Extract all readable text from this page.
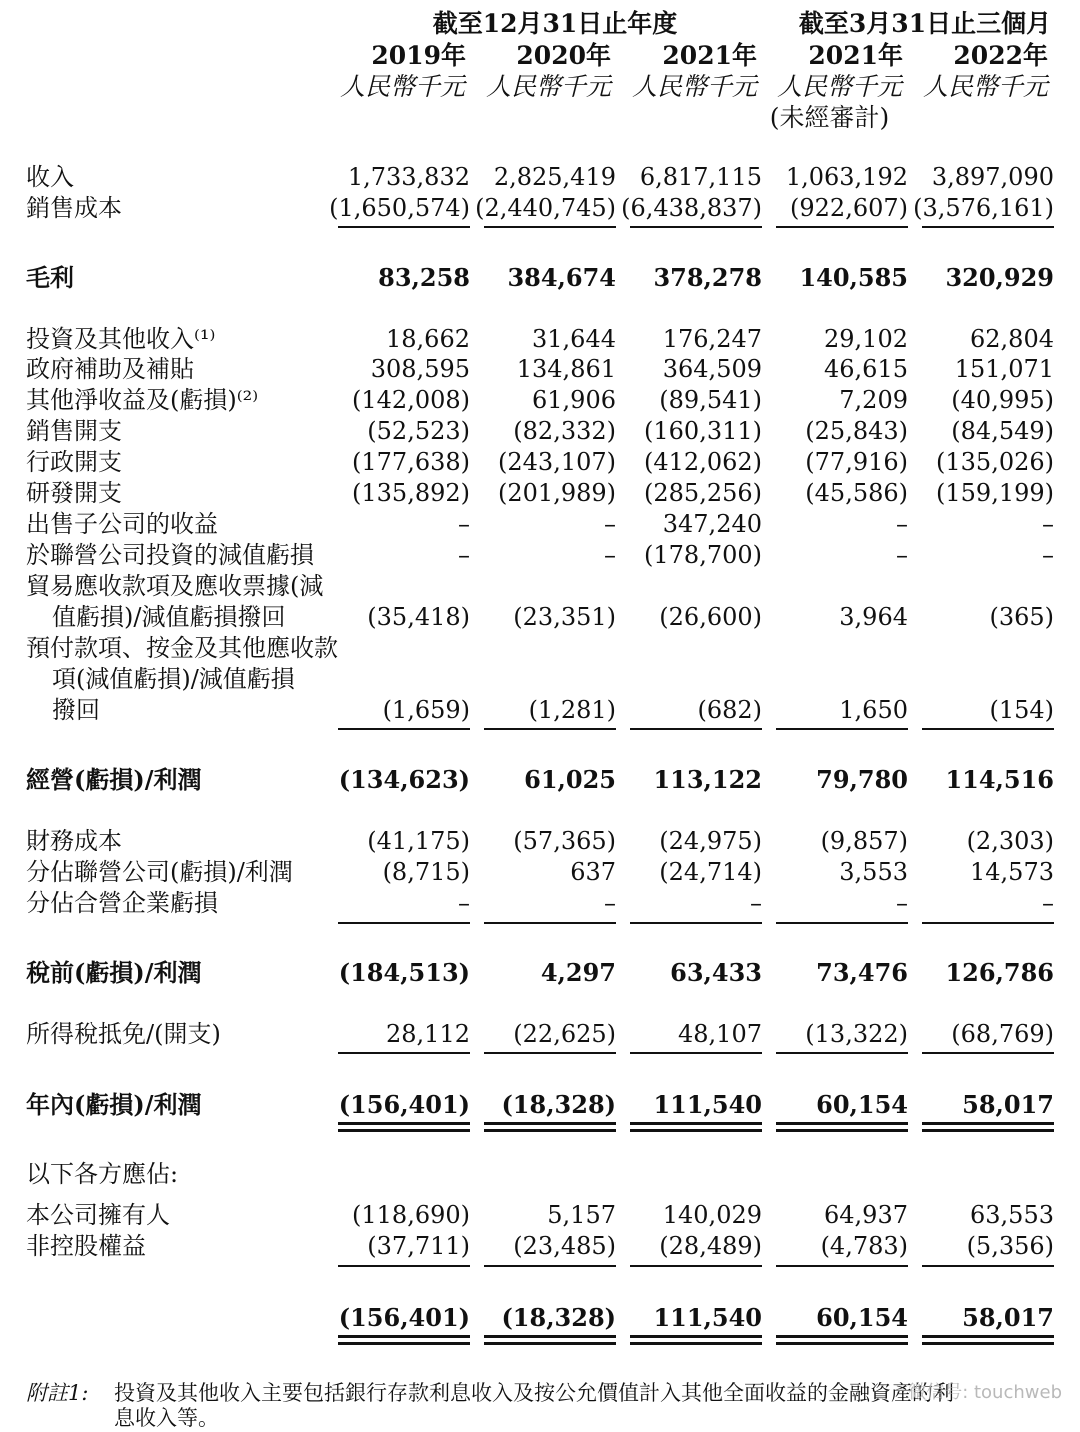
截至12月31日止年度	截至3月31日止三個月
2019年	2020年	2021年	2021年	2022年
人民幣千元 人民幣千元 人民幣千元 人民幣千元 人民幣千元
(未經審計)
收入	1,733,832 2,825,419 6,817,115 1,063,192 3,897,090
銷售成本	(1,650,574) (2,440,745) (6,438,837)	(922,607) (3,576,161)
毛利	83,258	384,674	378,278	140,585	320,929
投資及其他收入⁽¹⁾	18,662	31,644	176,247	29,102	62,804
政府補助及補貼	308,595	134,861	364,509	46,615	151,071
其他淨收益及(虧損)⁽²⁾	(142,008)	61,906	(89,541)	7,209	(40,995)
銷售開支	(52,523)	(82,332)	(160,311)	(25,843)	(84,549)
行政開支	(177,638)	(243,107)	(412,062)	(77,916)	(135,026)
研發開支	(135,892)	(201,989)	(285,256)	(45,586)	(159,199)
出售子公司的收益	–	–	347,240	–	–
於聯營公司投資的減值虧損	–	–	(178,700)	–	–
貿易應收款項及應收票據(減
值虧損)/減值虧損撥回	(35,418)	(23,351)	(26,600)	3,964	(365)
預付款項、按金及其他應收款
項(減值虧損)/減值虧損
撥回	(1,659)	(1,281)	(682)	1,650	(154)
經營(虧損)/利潤	(134,623)	61,025	113,122	79,780	114,516
財務成本	(41,175)	(57,365)	(24,975)	(9,857)	(2,303)
分佔聯營公司(虧損)/利潤	(8,715)	637	(24,714)	3,553	14,573
分佔合營企業虧損	–	–	–	–	–
稅前(虧損)/利潤	(184,513)	4,297	63,433	73,476	126,786
所得稅抵免/(開支)	28,112	(22,625)	48,107	(13,322)	(68,769)
年內(虧損)/利潤	(156,401)	(18,328)	111,540	60,154	58,017
以下各方應佔:
本公司擁有人	(118,690)	5,157	140,029	64,937	63,553
非控股權益	(37,711)	(23,485)	(28,489)	(4,783)	(5,356)
(156,401)	(18,328)	111,540	60,154	58,017
附註1: 投資及其他收入主要包括銀行存款利息收入及按公允價值計入其他全面收益的金融資產的利
息收入等。
微信号: touchweb
